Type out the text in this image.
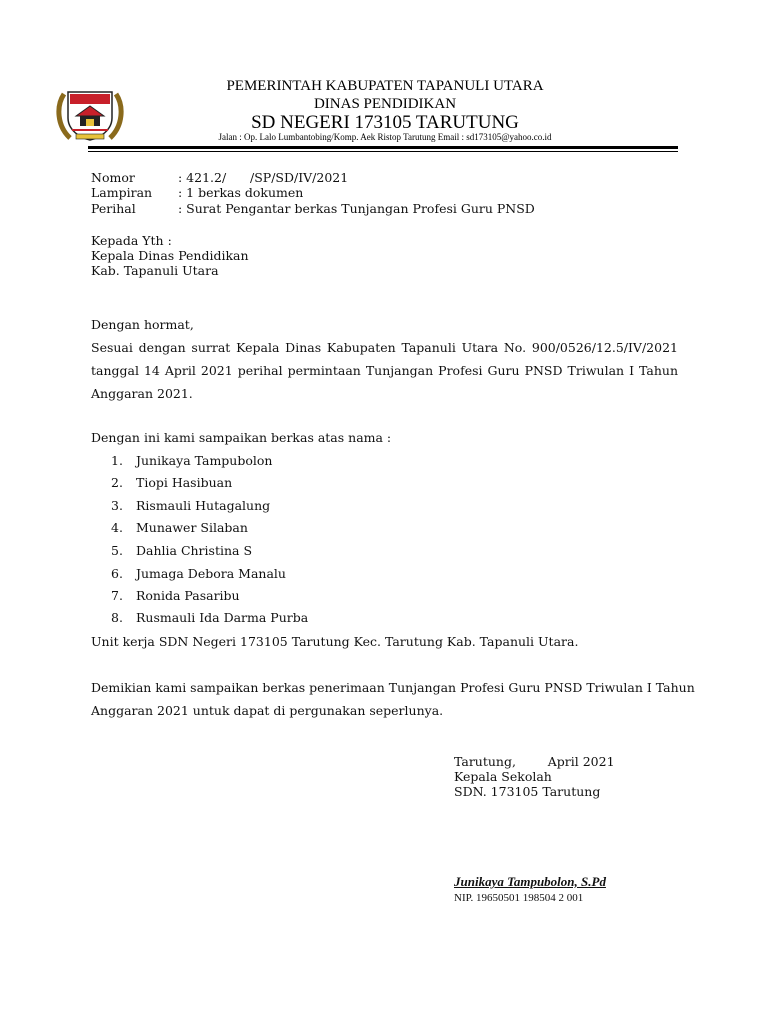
PEMERINTAH KABUPATEN TAPANULI UTARA
DINAS PENDIDIKAN
SD NEGERI 173105 TARUTUNG
Jalan : Op. Lalo Lumbantobing/Komp. Aek Ristop Tarutung Email : sd173105@yahoo.co.id
Nomor	: 421.2/      /SP/SD/IV/2021
Lampiran : 1 berkas dokumen
Perihal	: Surat Pengantar berkas Tunjangan Profesi Guru PNSD
Kepada Yth :
Kepala Dinas Pendidikan
Kab. Tapanuli Utara
Dengan hormat,
Sesuai dengan surrat Kepala Dinas Kabupaten Tapanuli Utara No. 900/0526/12.5/IV/2021
tanggal 14 April 2021 perihal permintaan Tunjangan Profesi Guru PNSD Triwulan I Tahun
Anggaran 2021.
Dengan ini kami sampaikan berkas atas nama :
1. Junikaya Tampubolon
2. Tiopi Hasibuan
3. Rismauli Hutagalung
4. Munawer Silaban
5. Dahlia Christina S
6. Jumaga Debora Manalu
7. Ronida Pasaribu
8. Rusmauli Ida Darma Purba
Unit kerja SDN Negeri 173105 Tarutung Kec. Tarutung Kab. Tapanuli Utara.
Demikian kami sampaikan berkas penerimaan Tunjangan Profesi Guru PNSD Triwulan I Tahun
Anggaran 2021 untuk dapat di pergunakan seperlunya.
Tarutung,        April 2021
Kepala Sekolah
SDN. 173105 Tarutung
Junikaya Tampubolon, S.Pd
NIP. 19650501 198504 2 001
